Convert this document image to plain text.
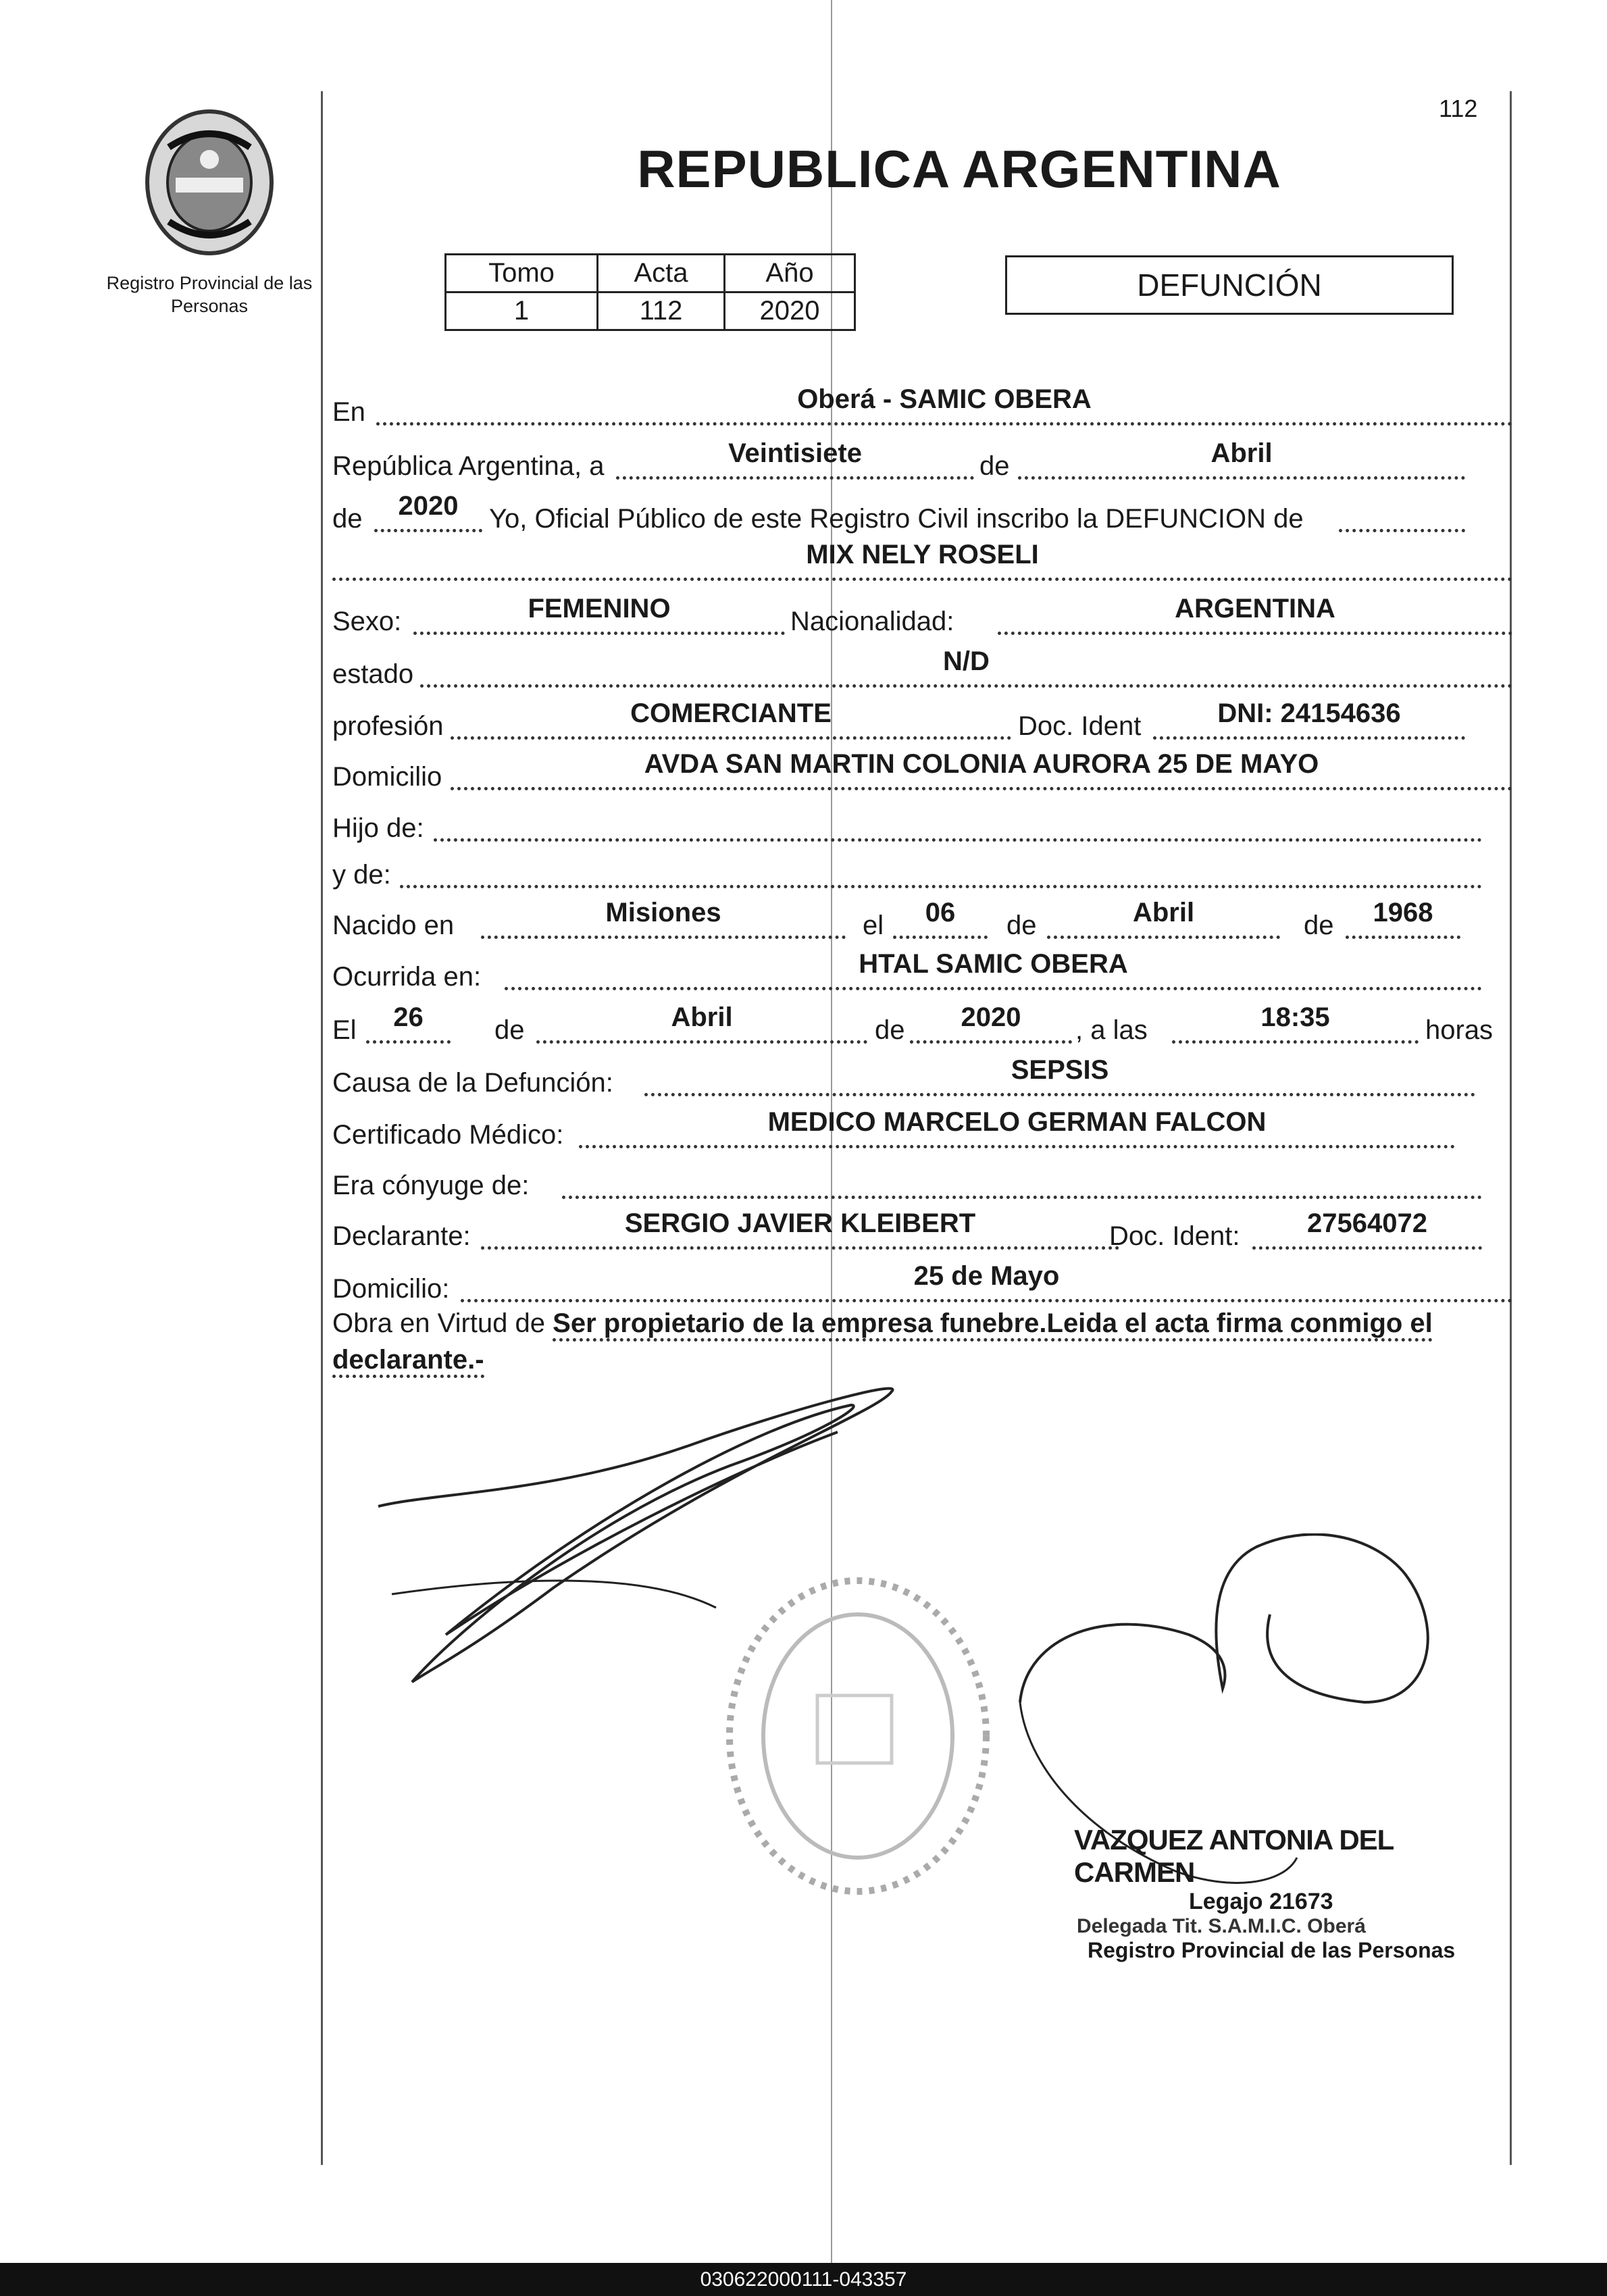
Registro Provincial de las Personas
112
REPUBLICA ARGENTINA
Tomo	Acta	Año
1	112	2020
DEFUNCIÓN
En	Oberá - SAMIC OBERA
República Argentina, a	Veintisiete	de	Abril
de	2020	Yo, Oficial Público de este Registro Civil inscribo la DEFUNCION de
MIX NELY ROSELI
Sexo:	FEMENINO	Nacionalidad:	ARGENTINA
estado	N/D
profesión	COMERCIANTE	Doc. Ident	DNI: 24154636
Domicilio	AVDA SAN MARTIN COLONIA AURORA 25 DE MAYO
Hijo de:
y de:
Nacido en	Misiones	el	06	de	Abril	de	1968
Ocurrida en:	HTAL SAMIC OBERA
El	26	de	Abril	de	2020	, a las	18:35	horas
Causa de la Defunción:	SEPSIS
Certificado Médico:	MEDICO MARCELO GERMAN FALCON
Era cónyuge de:
Declarante:	SERGIO JAVIER KLEIBERT	Doc. Ident:	27564072
Domicilio:	25 de Mayo
Obra en Virtud de Ser propietario de la empresa funebre.Leida el acta firma conmigo el declarante.-
VAZQUEZ ANTONIA DEL CARMEN
Legajo 21673
Delegada Tit. S.A.M.I.C. Oberá
Registro Provincial de las Personas
030622000111-043357
